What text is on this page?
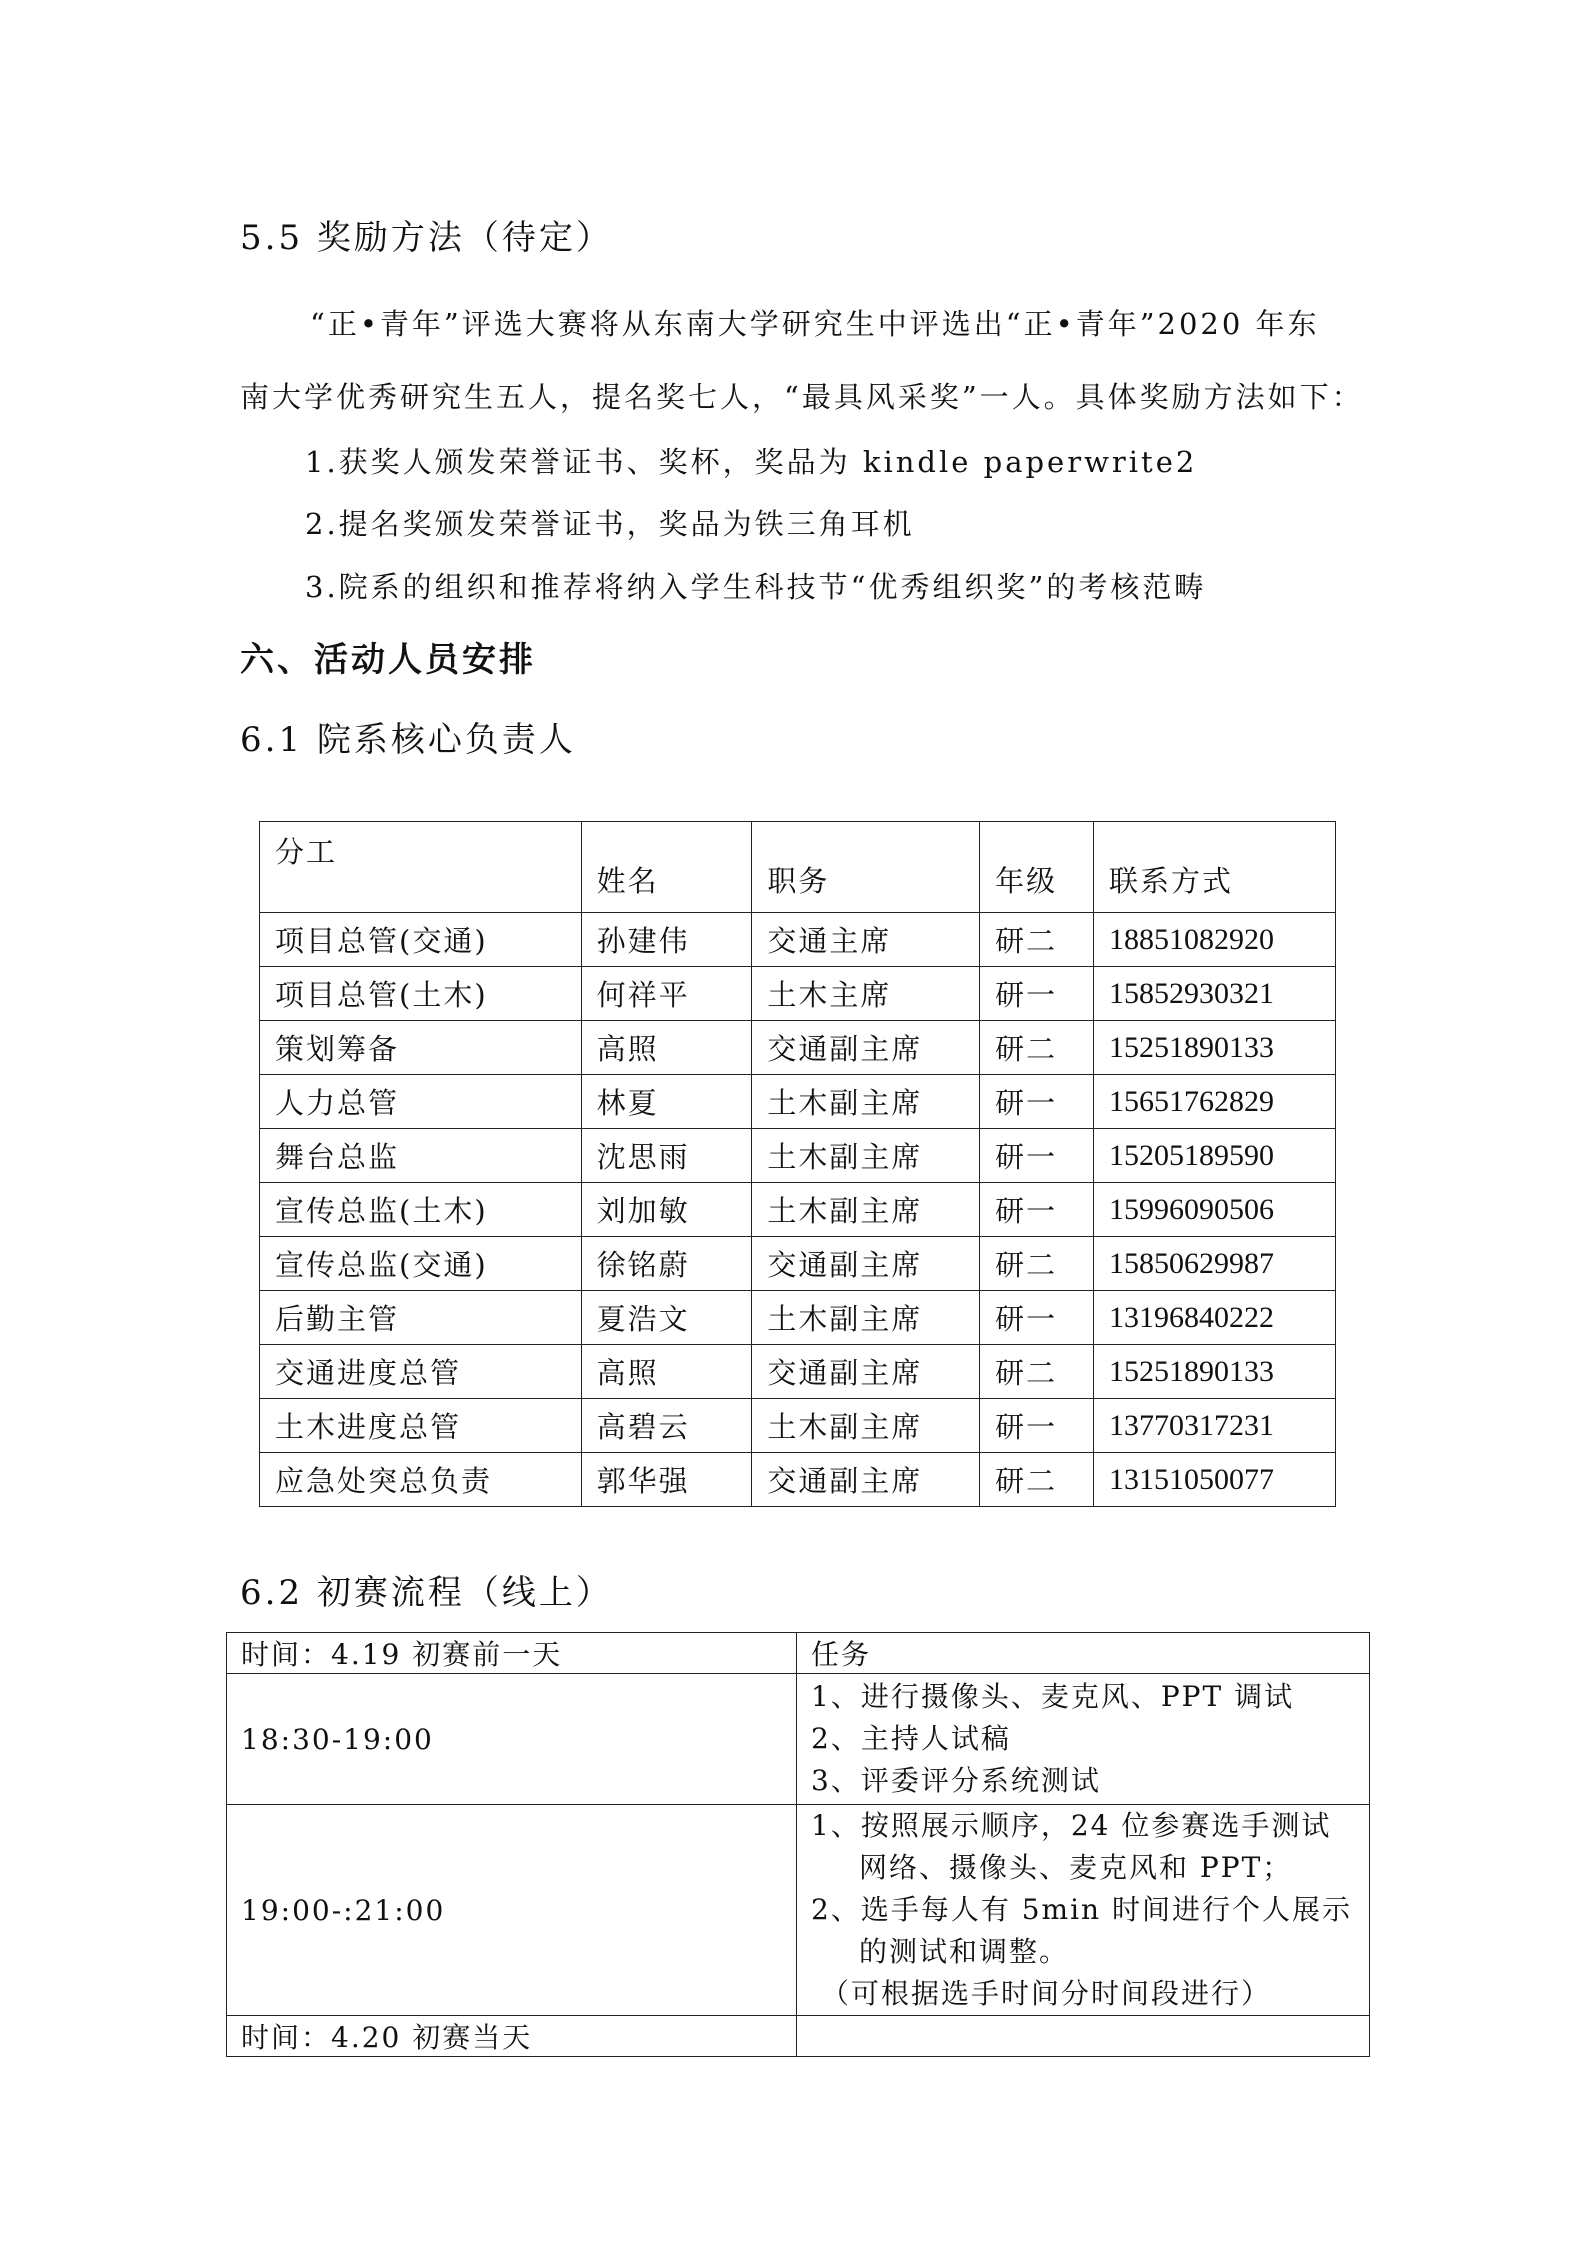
5.5 奖励方法（待定）
“正•青年”评选大赛将从东南大学研究生中评选出“正•青年”2020 年东
南大学优秀研究生五人，提名奖七人，“最具风采奖”一人。具体奖励方法如下：
1.获奖人颁发荣誉证书、奖杯，奖品为 kindle paperwrite2
2.提名奖颁发荣誉证书，奖品为铁三角耳机
3.院系的组织和推荐将纳入学生科技节“优秀组织奖”的考核范畴
六、活动人员安排
6.1 院系核心负责人
分工	姓名	职务	年级	联系方式
项目总管(交通)	孙建伟	交通主席	研二	18851082920
项目总管(土木)	何祥平	土木主席	研一	15852930321
策划筹备	高照	交通副主席	研二	15251890133
人力总管	林夏	土木副主席	研一	15651762829
舞台总监	沈思雨	土木副主席	研一	15205189590
宣传总监(土木)	刘加敏	土木副主席	研一	15996090506
宣传总监(交通)	徐铭蔚	交通副主席	研二	15850629987
后勤主管	夏浩文	土木副主席	研一	13196840222
交通进度总管	高照	交通副主席	研二	15251890133
土木进度总管	高碧云	土木副主席	研一	13770317231
应急处突总负责	郭华强	交通副主席	研二	13151050077
6.2 初赛流程（线上）
时间：4.19 初赛前一天	任务
18:30-19:00	1、进行摄像头、麦克风、PPT 调试
2、主持人试稿
3、评委评分系统测试

19:00-:21:00	1、按照展示顺序，24 位参赛选手测试
网络、摄像头、麦克风和 PPT；
2、选手每人有 5min 时间进行个人展示
的测试和调整。
（可根据选手时间分时间段进行）

时间：4.20 初赛当天	
